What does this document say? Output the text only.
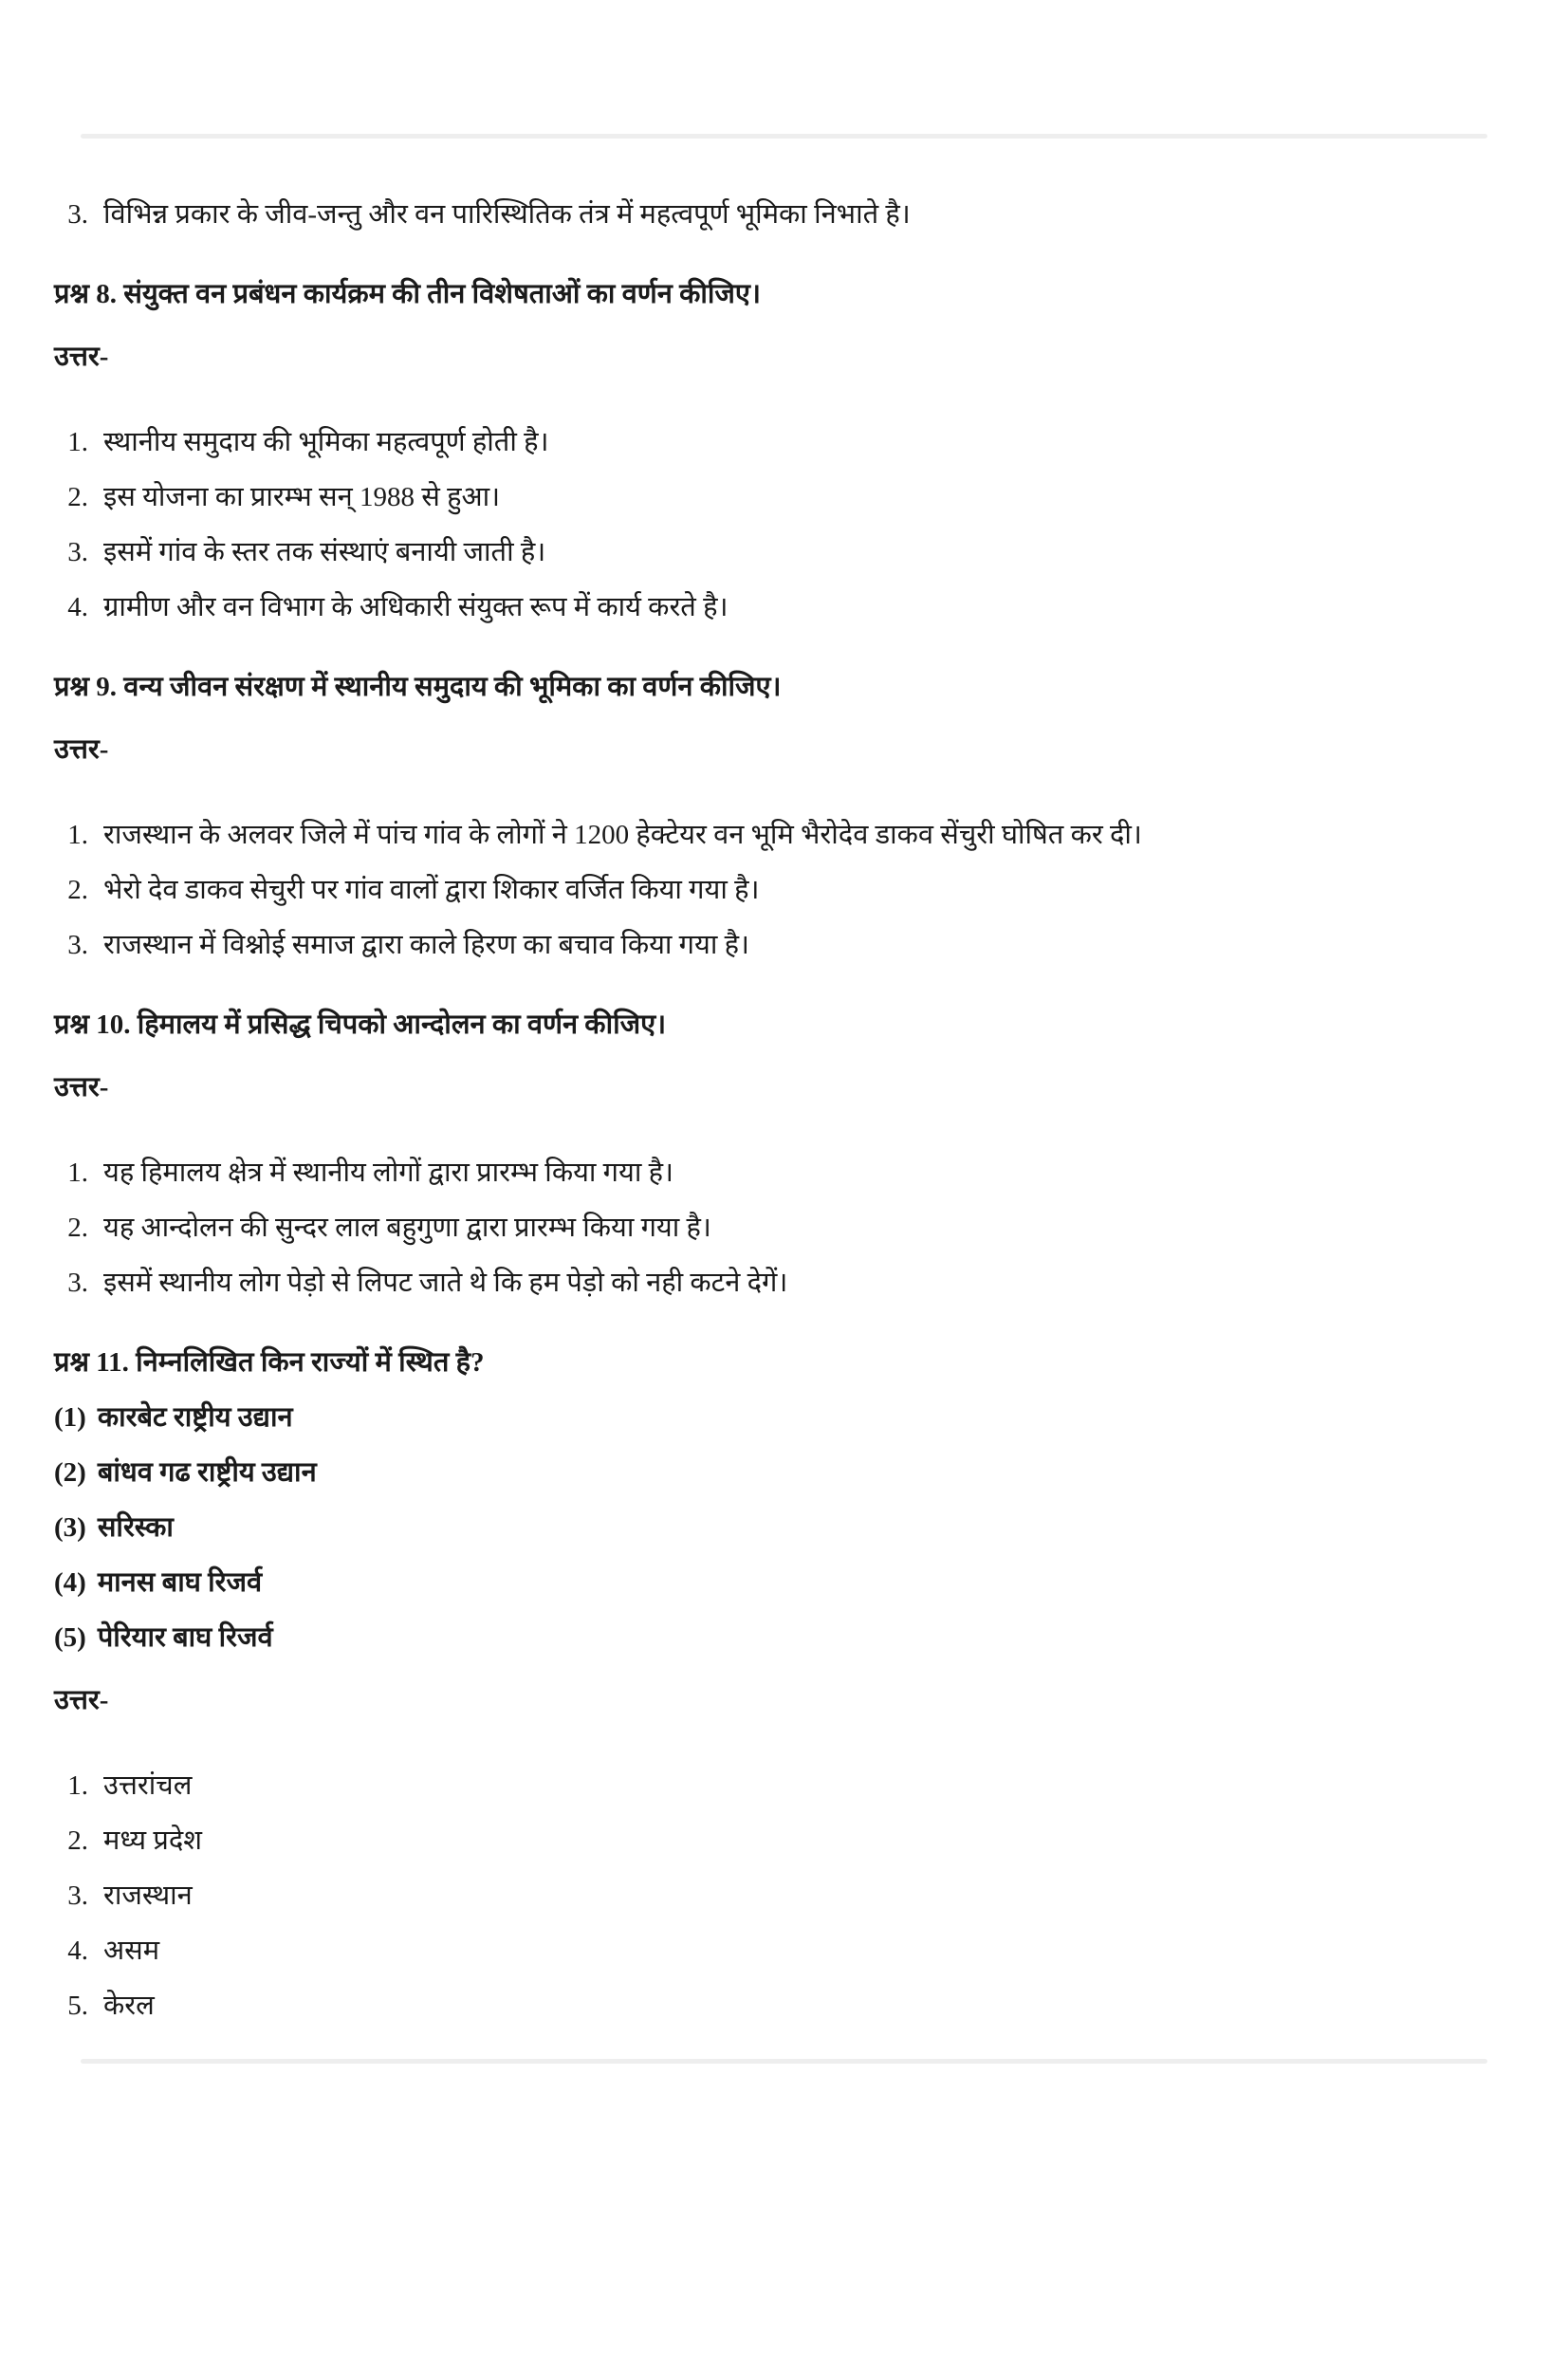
3. विभिन्न प्रकार के जीव-जन्तु और वन पारिस्थितिक तंत्र में महत्वपूर्ण भूमिका निभाते है।
प्रश्न 8. संयुक्त वन प्रबंधन कार्यक्रम की तीन विशेषताओं का वर्णन कीजिए।
उत्तर-
1. स्थानीय समुदाय की भूमिका महत्वपूर्ण होती है।
2. इस योजना का प्रारम्भ सन् 1988 से हुआ।
3. इसमें गांव के स्तर तक संस्थाएं बनायी जाती है।
4. ग्रामीण और वन विभाग के अधिकारी संयुक्त रूप में कार्य करते है।
प्रश्न 9. वन्य जीवन संरक्षण में स्थानीय समुदाय की भूमिका का वर्णन कीजिए।
उत्तर-
1. राजस्थान के अलवर जिले में पांच गांव के लोगों ने 1200 हेक्टेयर वन भूमि भैरोदेव डाकव सेंचुरी घोषित कर दी।
2. भेरो देव डाकव सेचुरी पर गांव वालों द्वारा शिकार वर्जित किया गया है।
3. राजस्थान में विश्नोई समाज द्वारा काले हिरण का बचाव किया गया है।
प्रश्न 10. हिमालय में प्रसिद्ध चिपको आन्दोलन का वर्णन कीजिए।
उत्तर-
1. यह हिमालय क्षेत्र में स्थानीय लोगों द्वारा प्रारम्भ किया गया है।
2. यह आन्दोलन की सुन्दर लाल बहुगुणा द्वारा प्रारम्भ किया गया है।
3. इसमें स्थानीय लोग पेड़ो से लिपट जाते थे कि हम पेड़ो को नही कटने देगें।
प्रश्न 11. निम्नलिखित किन राज्यों में स्थित है?
(1) कारबेट राष्ट्रीय उद्यान
(2) बांधव गढ राष्ट्रीय उद्यान
(3) सरिस्का
(4) मानस बाघ रिजर्व
(5) पेरियार बाघ रिजर्व
उत्तर-
1. उत्तरांचल
2. मध्य प्रदेश
3. राजस्थान
4. असम
5. केरल
